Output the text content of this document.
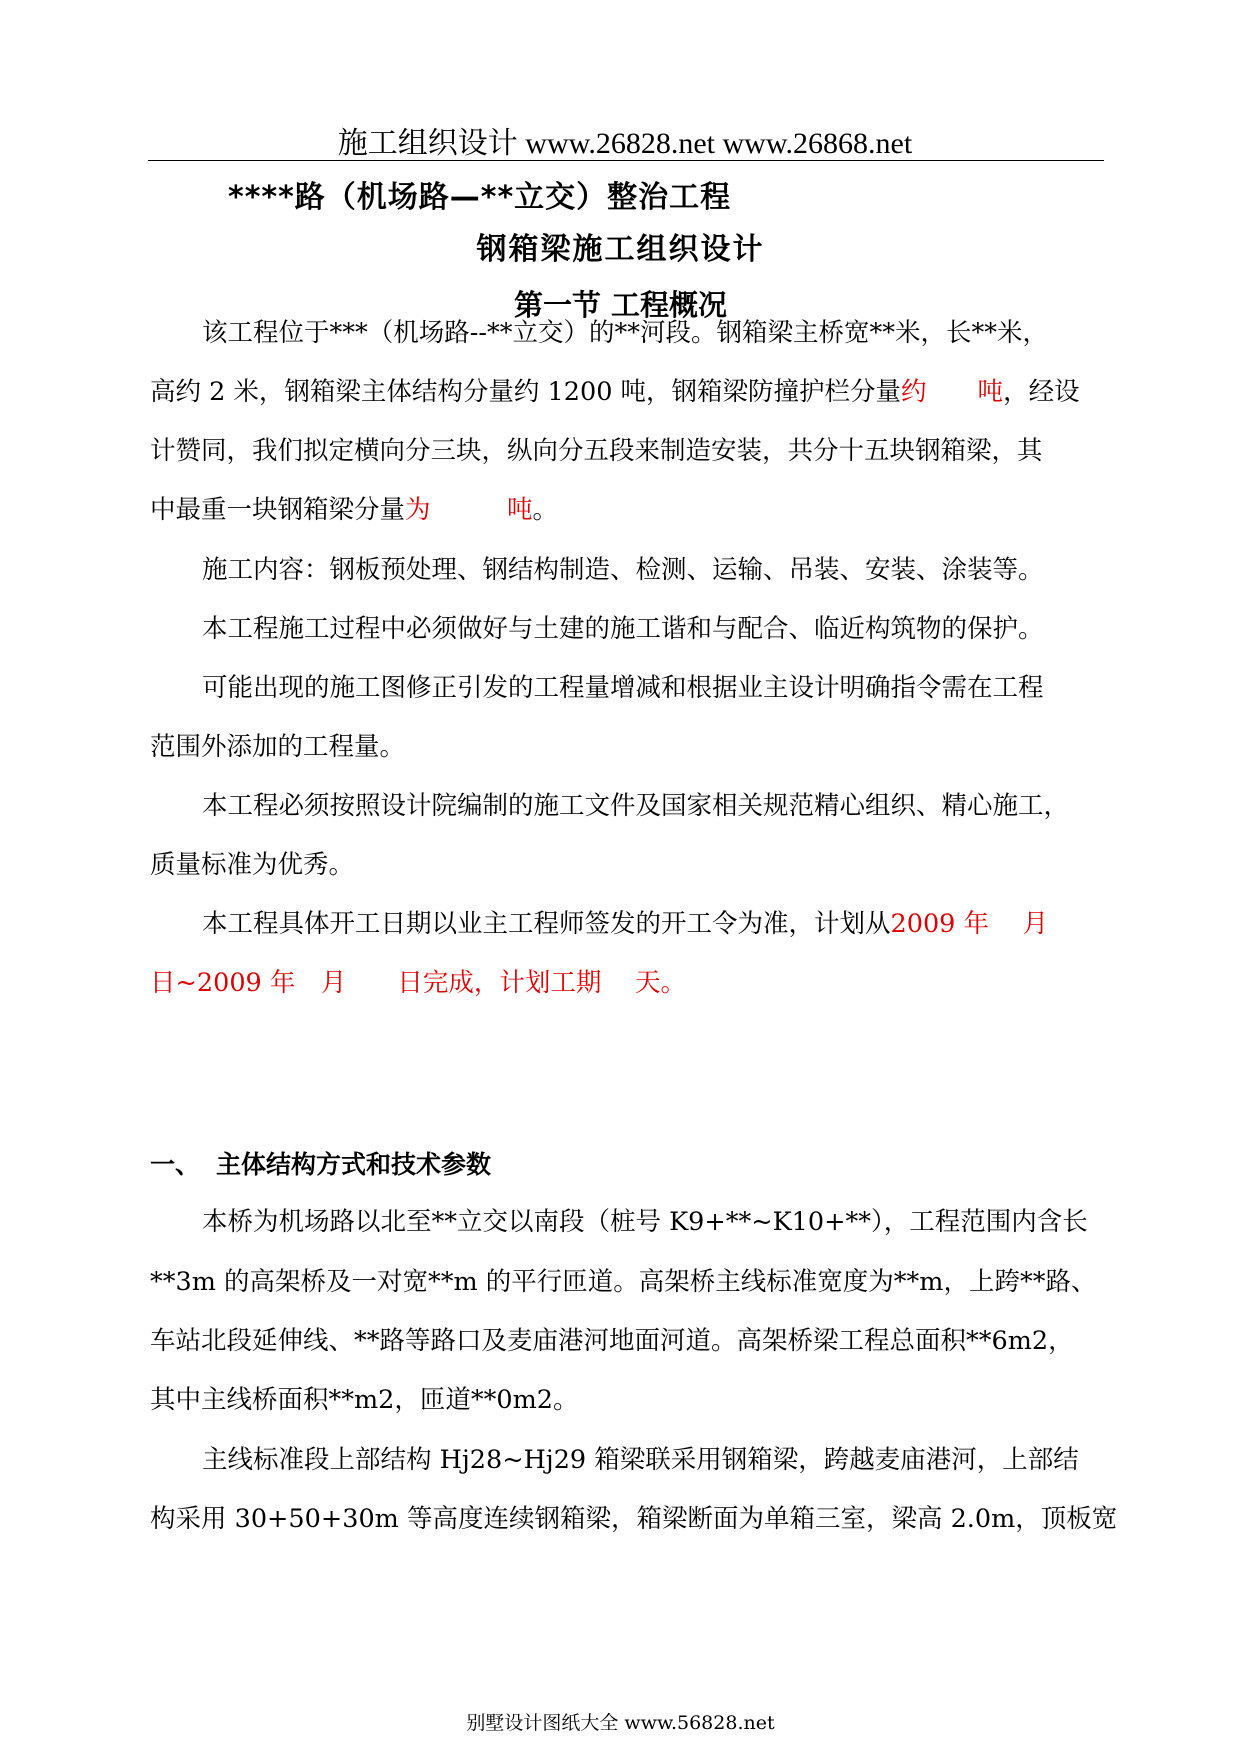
施工组织设计 www.26828.net www.26868.net
****路（机场路—**立交）整治工程
钢箱梁施工组织设计
第一节 工程概况
该工程位于***（机场路--**立交）的**河段。钢箱梁主桥宽**米，长**米，
高约 2 米，钢箱梁主体结构分量约 1200 吨，钢箱梁防撞护栏分量约　　吨，经设
计赞同，我们拟定横向分三块，纵向分五段来制造安装，共分十五块钢箱梁，其
中最重一块钢箱梁分量为　　　吨。
施工内容：钢板预处理、钢结构制造、检测、运输、吊装、安装、涂装等。
本工程施工过程中必须做好与土建的施工谐和与配合、临近构筑物的保护。
可能出现的施工图修正引发的工程量增减和根据业主设计明确指令需在工程
范围外添加的工程量。
本工程必须按照设计院编制的施工文件及国家相关规范精心组织、精心施工，
质量标准为优秀。
本工程具体开工日期以业主工程师签发的开工令为准，计划从2009 年　 月
日~2009 年　月　　日完成，计划工期　 天。
一、 主体结构方式和技术参数
本桥为机场路以北至**立交以南段（桩号 K9+**~K10+**），工程范围内含长
**3m 的高架桥及一对宽**m 的平行匝道。高架桥主线标准宽度为**m，上跨**路、
车站北段延伸线、**路等路口及麦庙港河地面河道。高架桥梁工程总面积**6m2，
其中主线桥面积**m2，匝道**0m2。
主线标准段上部结构 Hj28~Hj29 箱梁联采用钢箱梁，跨越麦庙港河，上部结
构采用 30+50+30m 等高度连续钢箱梁，箱梁断面为单箱三室，梁高 2.0m，顶板宽
别墅设计图纸大全 www.56828.net
